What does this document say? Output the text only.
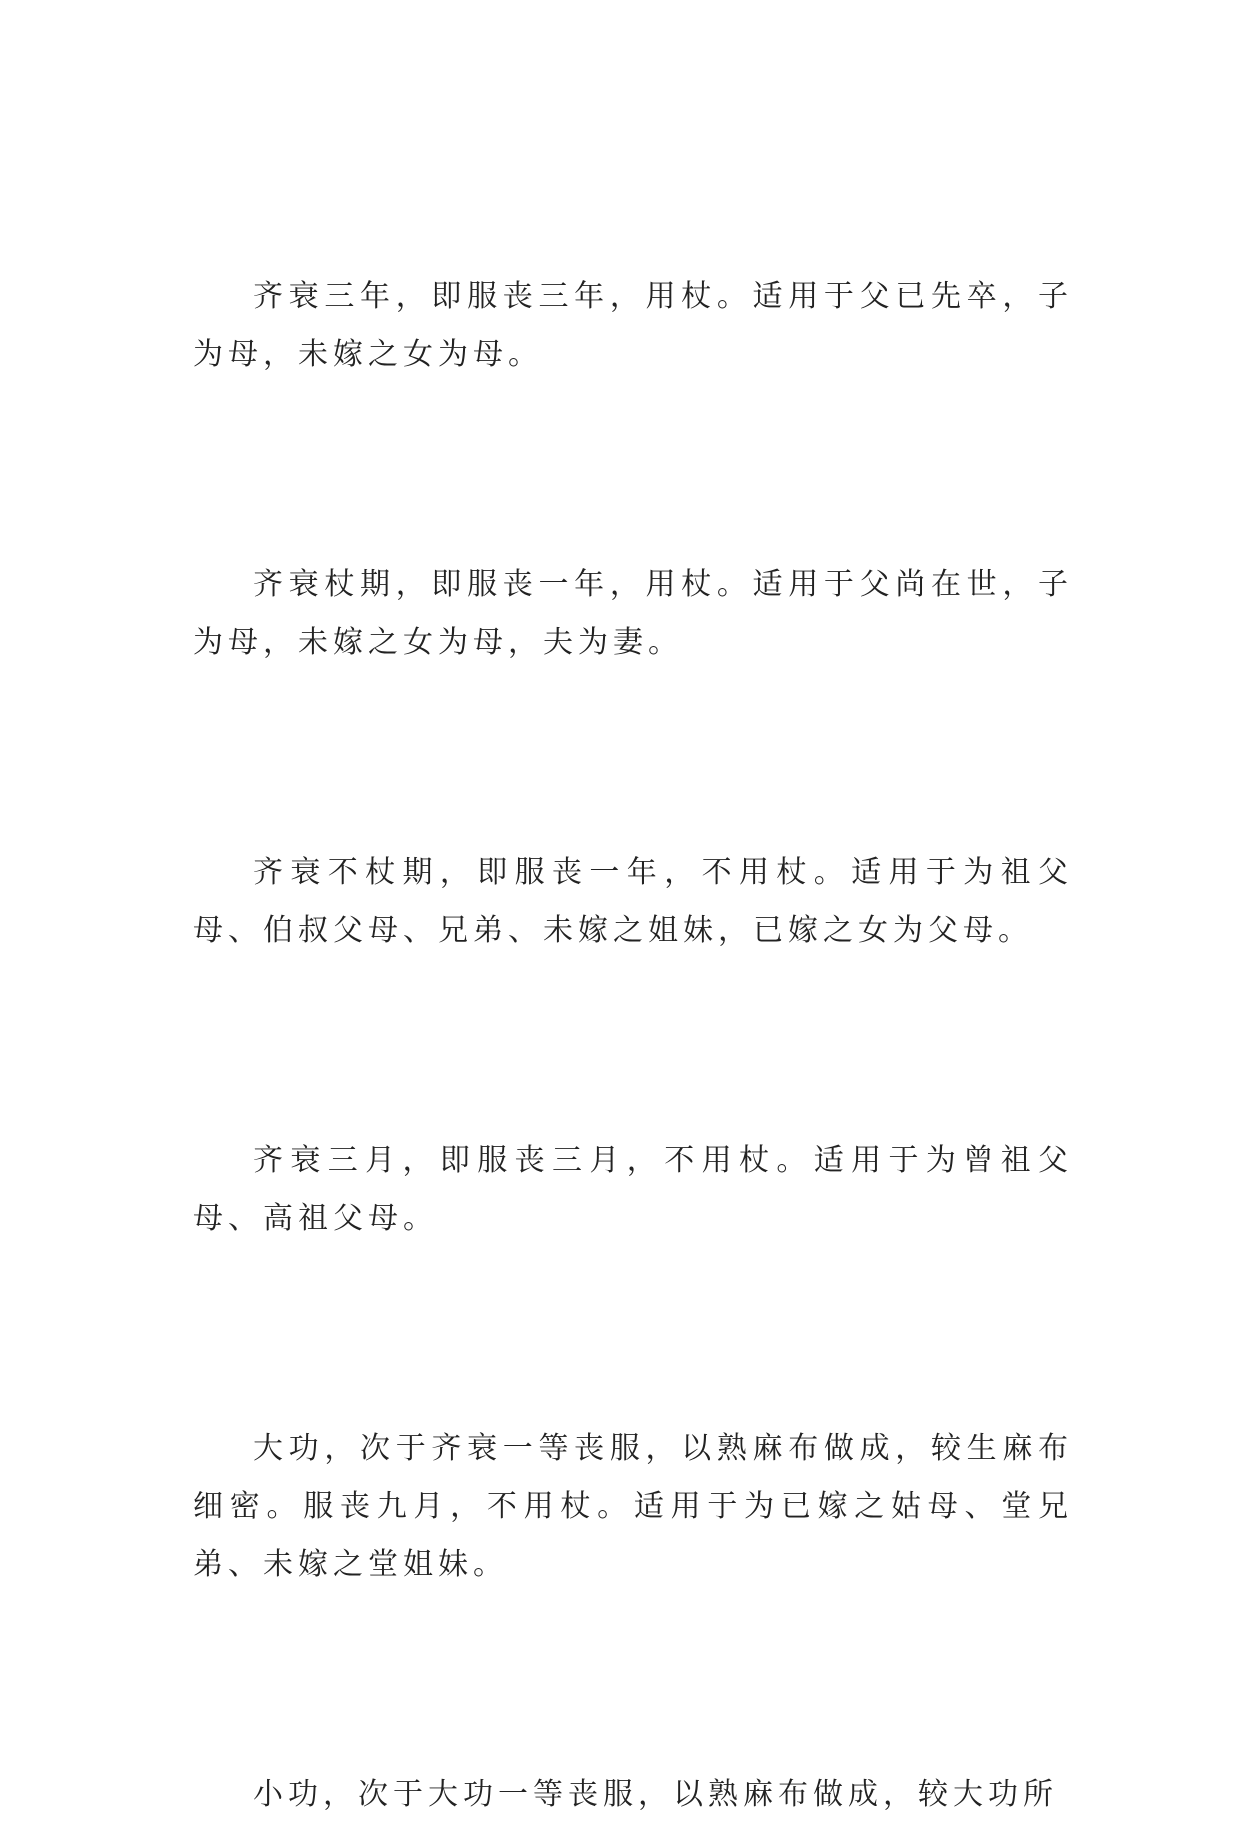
齐衰三年，即服丧三年，用杖。适用于父已先卒，子为母，未嫁之女为母。

齐衰杖期，即服丧一年，用杖。适用于父尚在世，子为母，未嫁之女为母，夫为妻。

齐衰不杖期，即服丧一年，不用杖。适用于为祖父母、伯叔父母、兄弟、未嫁之姐妹，已嫁之女为父母。

齐衰三月，即服丧三月，不用杖。适用于为曾祖父母、高祖父母。

大功，次于齐衰一等丧服，以熟麻布做成，较生麻布细密。服丧九月，不用杖。适用于为已嫁之姑母、堂兄弟、未嫁之堂姐妹。

小功，次于大功一等丧服，以熟麻布做成，较大功所
